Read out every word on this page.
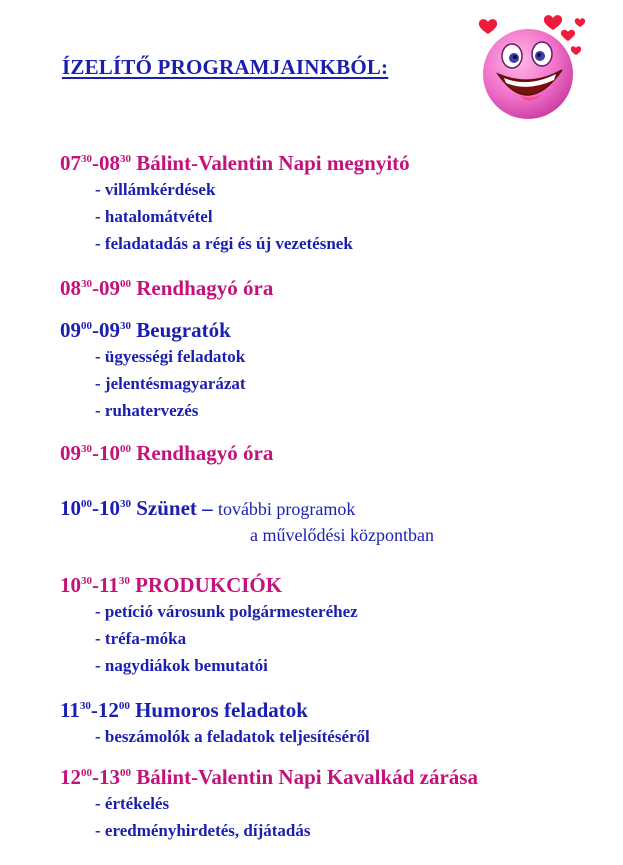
ÍZELÍTŐ PROGRAMJAINKBÓL:
$07^{30}-08^{30}$ Bálint-Valentin Napi megnyitó
- villámkérdések
- hatalomátvétel
- feladatadás a régi és új vezetésnek
$08^{30}-09^{00}$ Rendhagyó óra
$09^{00}-09^{30}$ Beugratók
- ügyességi feladatok
- jelentésmagyarázat
- ruhatervezés
$09^{30}-10^{00}$ Rendhagyó óra
$10^{00}-10^{30}$ Szünet – további programok
a művelődési központban
$10^{30}-11^{30}$ PRODUKCIÓK
- petíció városunk polgármesteréhez
- tréfa-móka
- nagydiákok bemutatói
$11^{30}-12^{00}$ Humoros feladatok
- beszámolók a feladatok teljesítéséről
$12^{00}-13^{00}$ Bálint-Valentin Napi Kavalkád zárása
- értékelés
- eredményhirdetés, díjátadás
